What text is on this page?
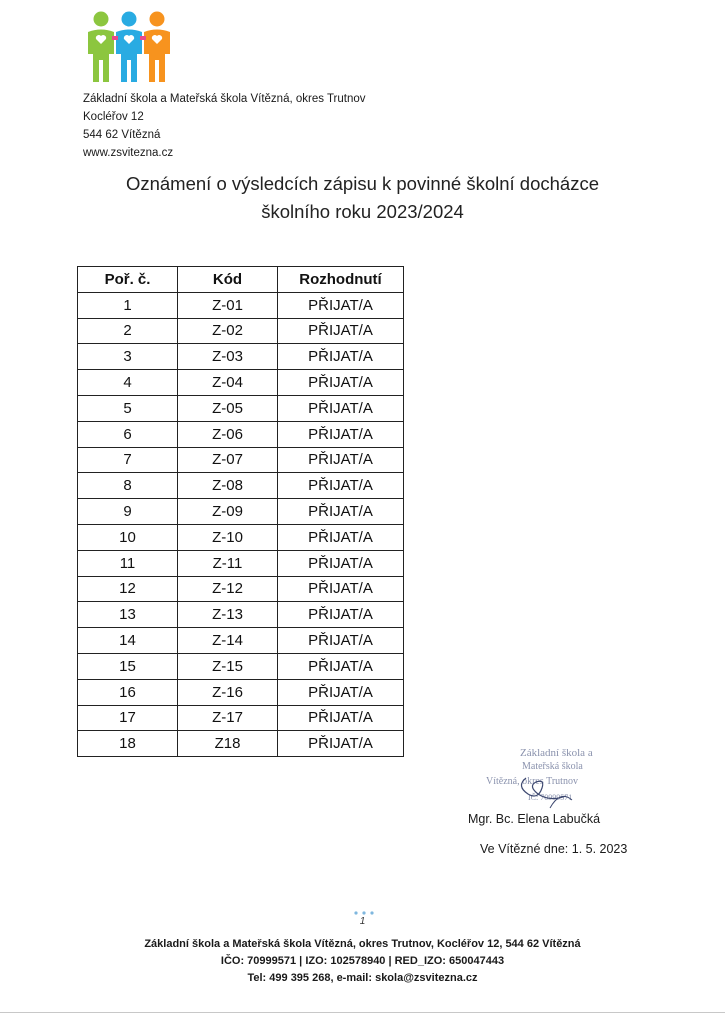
Základní škola a Mateřská škola Vítězná, okres Trutnov
Kocléřov 12
544 62 Vítězná
www.zsvitezna.cz
Oznámení o výsledcích zápisu k povinné školní docházce
školního roku 2023/2024
Poř. č.	Kód	Rozhodnutí
1	Z-01	PŘIJAT/A
2	Z-02	PŘIJAT/A
3	Z-03	PŘIJAT/A
4	Z-04	PŘIJAT/A
5	Z-05	PŘIJAT/A
6	Z-06	PŘIJAT/A
7	Z-07	PŘIJAT/A
8	Z-08	PŘIJAT/A
9	Z-09	PŘIJAT/A
10	Z-10	PŘIJAT/A
11	Z-11	PŘIJAT/A
12	Z-12	PŘIJAT/A
13	Z-13	PŘIJAT/A
14	Z-14	PŘIJAT/A
15	Z-15	PŘIJAT/A
16	Z-16	PŘIJAT/A
17	Z-17	PŘIJAT/A
18	Z18	PŘIJAT/A
Základní škola a
Mateřská škola
Vítězná, okres Trutnov
IČ: 70999571
Mgr. Bc. Elena Labučká
Ve Vítězné dne: 1. 5. 2023
1
Základní škola a Mateřská škola Vítězná, okres Trutnov, Kocléřov 12, 544 62 Vítězná
IČO: 70999571 | IZO: 102578940 | RED_IZO: 650047443
Tel: 499 395 268, e-mail: skola@zsvitezna.cz
